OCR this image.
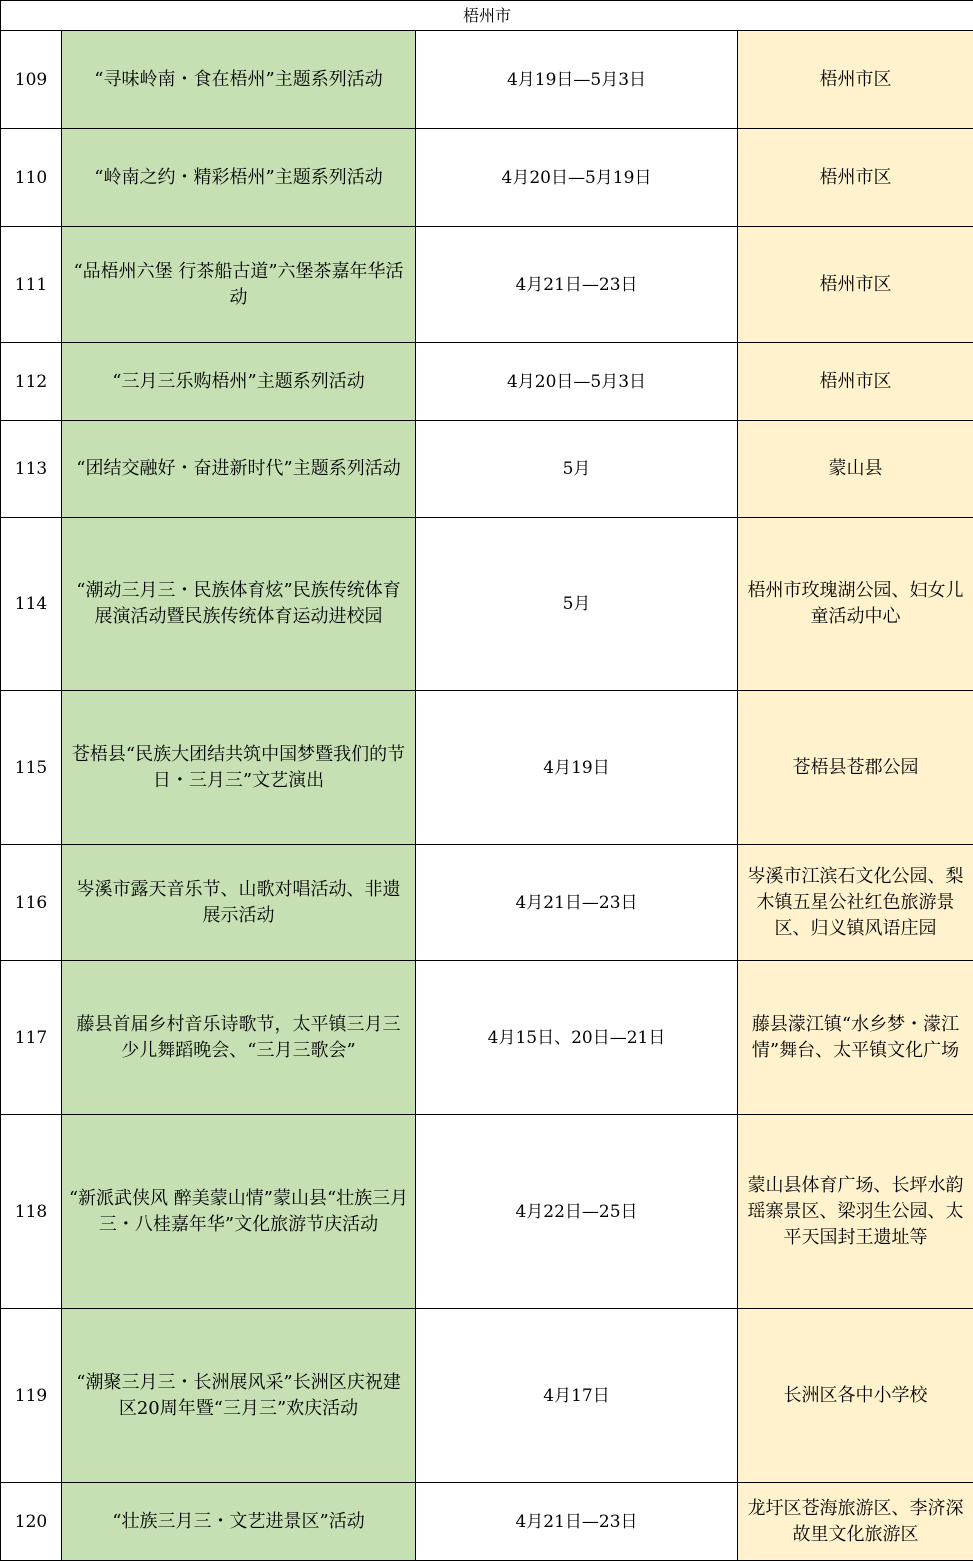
梧州市			
109	“寻味岭南・食在梧州”主题系列活动	4月19日—5月3日	梧州市区
110	“岭南之约・精彩梧州”主题系列活动	4月20日—5月19日	梧州市区
111	“品梧州六堡 行茶船古道”六堡茶嘉年华活动	4月21日—23日	梧州市区
112	“三月三乐购梧州”主题系列活动	4月20日—5月3日	梧州市区
113	“团结交融好・奋进新时代”主题系列活动	5月	蒙山县
114	“潮动三月三・民族体育炫”民族传统体育展演活动暨民族传统体育运动进校园	5月	梧州市玫瑰湖公园、妇女儿童活动中心
115	苍梧县“民族大团结共筑中国梦暨我们的节日・三月三”文艺演出	4月19日	苍梧县苍郡公园
116	岑溪市露天音乐节、山歌对唱活动、非遗展示活动	4月21日—23日	岑溪市江滨石文化公园、梨木镇五星公社红色旅游景区、归义镇风语庄园
117	藤县首届乡村音乐诗歌节，太平镇三月三少儿舞蹈晚会、“三月三歌会”	4月15日、20日—21日	藤县濛江镇“水乡梦・濛江情”舞台、太平镇文化广场
118	“新派武侠风 醉美蒙山情”蒙山县“壮族三月三・八桂嘉年华”文化旅游节庆活动	4月22日—25日	蒙山县体育广场、长坪水韵瑶寨景区、梁羽生公园、太平天国封王遗址等
119	“潮聚三月三・长洲展风采”长洲区庆祝建区20周年暨“三月三”欢庆活动	4月17日	长洲区各中小学校
120	“壮族三月三・文艺进景区”活动	4月21日—23日	龙圩区苍海旅游区、李济深故里文化旅游区
